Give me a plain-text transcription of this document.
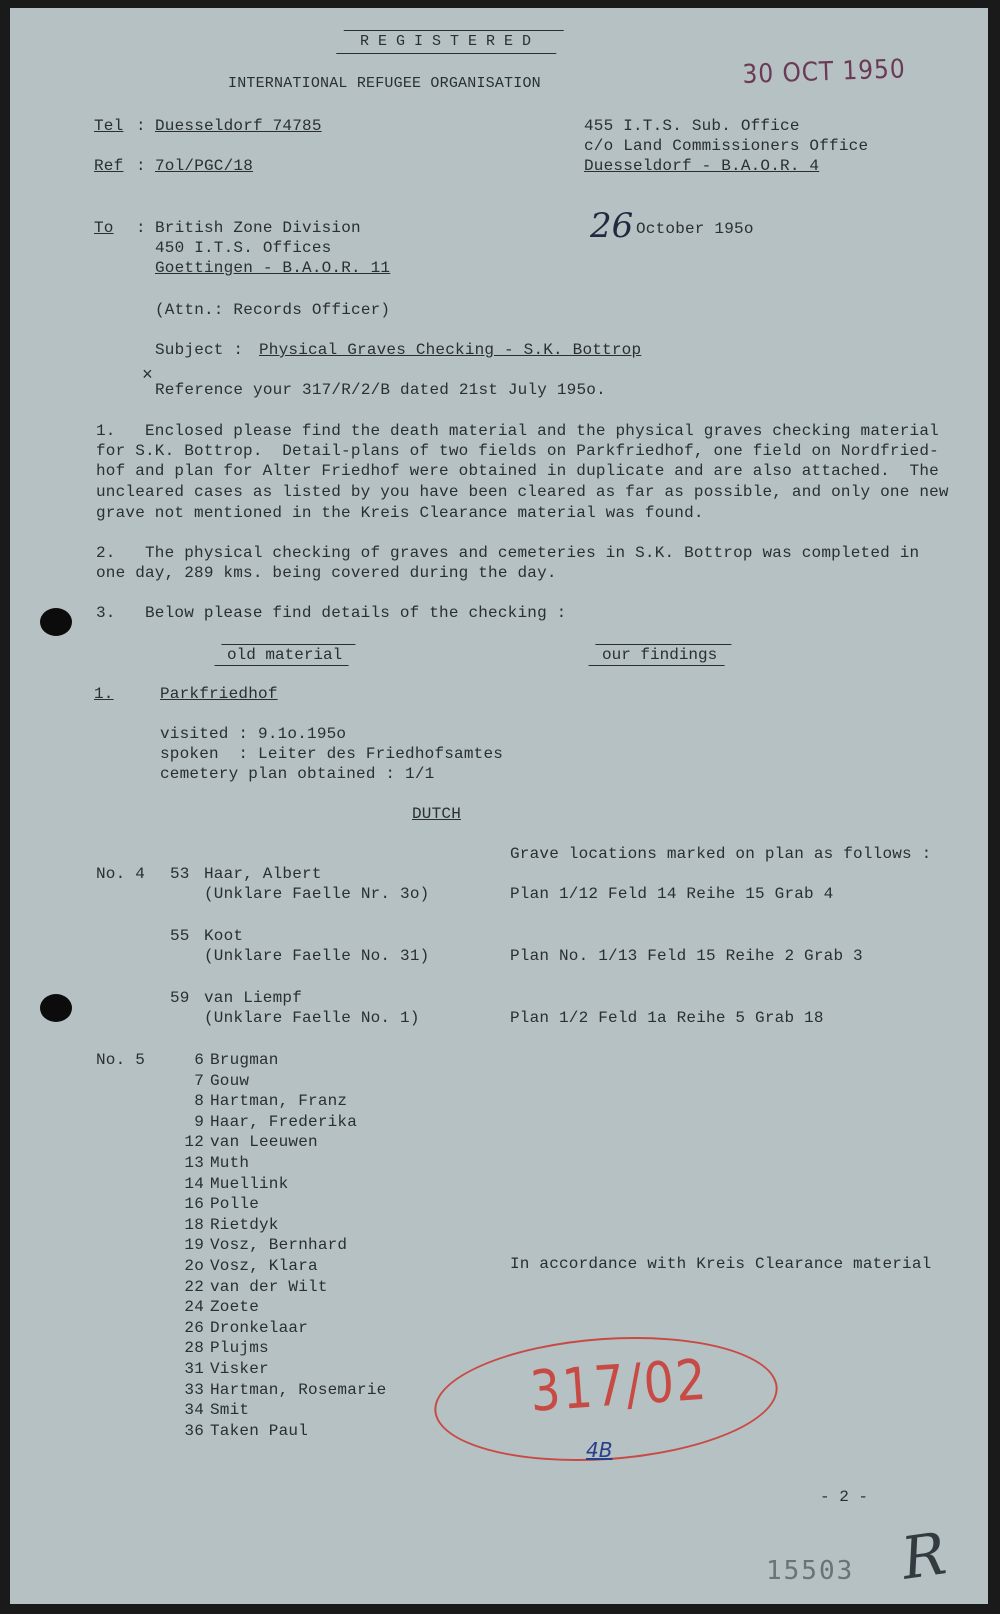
REGISTERED
INTERNATIONAL REFUGEE ORGANISATION	30 OCT 1950
Tel : Duesseldorf 74785
Ref : 7ol/PGC/18
455 I.T.S. Sub. Office
c/o Land Commissioners Office
Duesseldorf - B.A.O.R. 4
To : British Zone Division
450 I.T.S. Offices
Goettingen - B.A.O.R. 11
26 October 195o
(Attn.: Records Officer)
Subject : Physical Graves Checking - S.K. Bottrop
×
Reference your 317/R/2/B dated 21st July 195o.
1.   Enclosed please find the death material and the physical graves checking material
for S.K. Bottrop.  Detail-plans of two fields on Parkfriedhof, one field on Nordfried-
hof and plan for Alter Friedhof were obtained in duplicate and are also attached.  The
uncleared cases as listed by you have been cleared as far as possible, and only one new
grave not mentioned in the Kreis Clearance material was found.
2.   The physical checking of graves and cemeteries in S.K. Bottrop was completed in
one day, 289 kms. being covered during the day.
3.   Below please find details of the checking :
old material	our findings
1.	Parkfriedhof
visited : 9.1o.195o
spoken  : Leiter des Friedhofsamtes
cemetery plan obtained : 1/1
DUTCH
Grave locations marked on plan as follows :
No. 4 53 Haar, Albert
(Unklare Faelle Nr. 3o)	Plan 1/12 Feld 14 Reihe 15 Grab 4
55 Koot
(Unklare Faelle No. 31)	Plan No. 1/13 Feld 15 Reihe 2 Grab 3
59 van Liempf
(Unklare Faelle No. 1)	Plan 1/2 Feld 1a Reihe 5 Grab 18
No. 5	6 Brugman
7 Gouw
8 Hartman, Franz
9 Haar, Frederika
12 van Leeuwen
13 Muth
14 Muellink
16 Polle
18 Rietdyk
19 Vosz, Bernhard
2o Vosz, Klara
22 van der Wilt
24 Zoete
26 Dronkelaar
28 Plujms
31 Visker
33 Hartman, Rosemarie
34 Smit
36 Taken Paul
In accordance with Kreis Clearance material
317/02
4B
- 2 -
15503 R
